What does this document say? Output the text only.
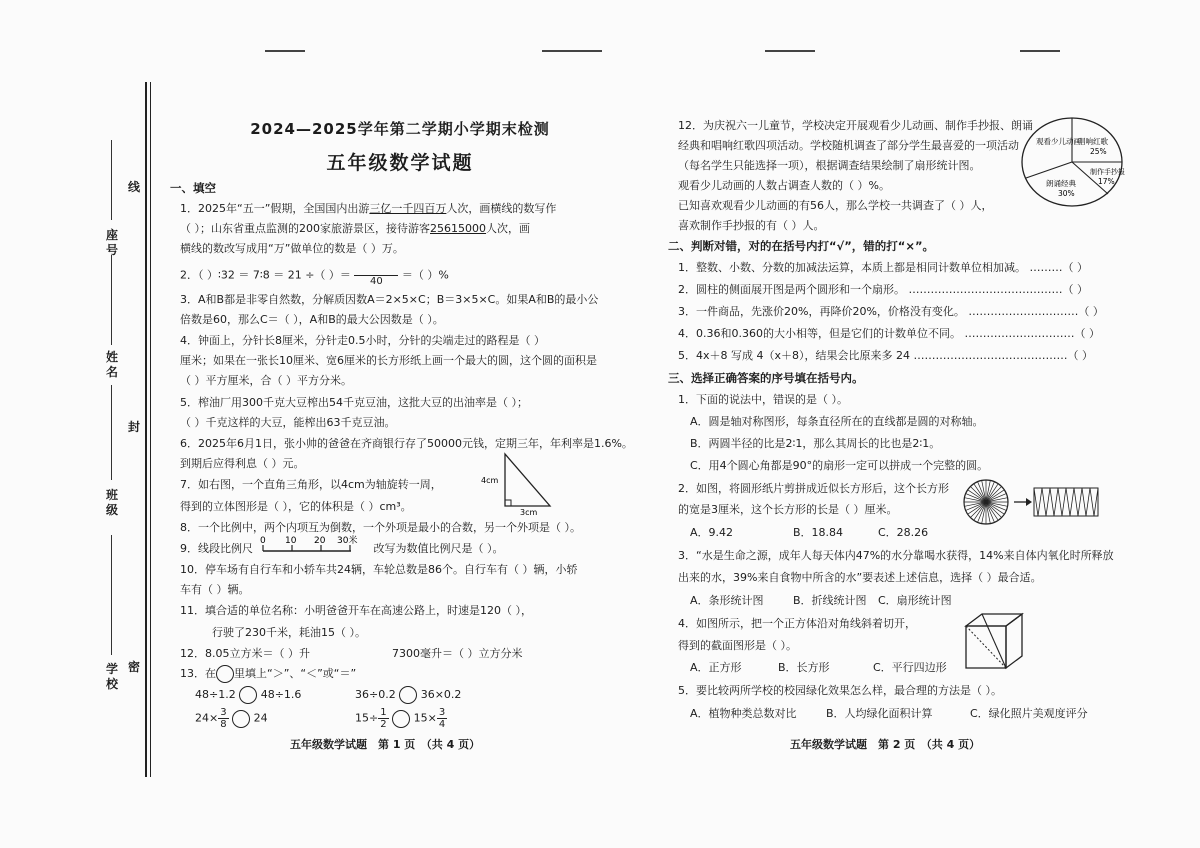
学校
班级
姓名
座号
密
封
线
2024—2025学年第二学期小学期末检测
五年级数学试题
一、填空
1．2025年“五一”假期，全国国内出游三亿一千四百万人次，画横线的数写作
（ ）；山东省重点监测的200家旅游景区，接待游客25615000人次，画
横线的数改写成用“万”做单位的数是（ ）万。
2．（ ）∶32 ＝ 7∶8 ＝ 21 ÷（ ）＝
	40	＝（ ）%
3．A和B都是非零自然数，分解质因数A＝2×5×C；B＝3×5×C。如果A和B的最小公
倍数是60，那么C＝（ ），A和B的最大公因数是（ ）。
4．钟面上，分针长8厘米，分针走0.5小时，分针的尖端走过的路程是（ ）
厘米；如果在一张长10厘米、宽6厘米的长方形纸上画一个最大的圆，这个圆的面积是
（ ）平方厘米，合（ ）平方分米。
5．榨油厂用300千克大豆榨出54千克豆油，这批大豆的出油率是（ ）；
（ ）千克这样的大豆，能榨出63千克豆油。
6．2025年6月1日，张小帅的爸爸在齐商银行存了50000元钱，定期三年，年利率是1.6%。
到期后应得利息（ ）元。
7．如右图，一个直角三角形，以4cm为轴旋转一周，
得到的立体图形是（ ），它的体积是（ ）cm³。
4cm
3cm
8．一个比例中，两个内项互为倒数，一个外项是最小的合数，另一个外项是（ ）。
9．线段比例尺	改写为数值比例尺是（ ）。
0 10 20 30米
10．停车场有自行车和小轿车共24辆，车轮总数是86个。自行车有（ ）辆，小轿
车有（ ）辆。
11．填合适的单位名称：小明爸爸开车在高速公路上，时速是120（ ），
行驶了230千米，耗油15（ ）。
12．8.05立方米＝（ ）升	7300毫升＝（ ）立方分米
13．在 里填上“＞”、“＜”或“＝”
48÷1.2 48÷1.6	36÷0.2 36×0.2
$24\times \frac{3}{8} 24$	$15\div \frac{1}{2} 15\times \frac{3}{4}$
五年级数学试题　第 1 页　（共 4 页）
12．为庆祝六一儿童节，学校决定开展观看少儿动画、制作手抄报、朗诵
经典和唱响红歌四项活动。学校随机调查了部分学生最喜爱的一项活动
（每名学生只能选择一项），根据调查结果绘制了扇形统计图。
观看少儿动画的人数占调查人数的（ ）%。
已知喜欢观看少儿动画的有56人，那么学校一共调查了（ ）人，
喜欢制作手抄报的有（ ）人。
观看少儿动画
唱响红歌
25%
制作手抄报
17%
朗诵经典
30%
二、判断对错，对的在括号内打“√”，错的打“×”。
1．整数、小数、分数的加减法运算，本质上都是相同计数单位相加减。 ………（ ）
2．圆柱的侧面展开图是两个圆形和一个扇形。 ……………………………………（ ）
3．一件商品，先涨价20%，再降价20%，价格没有变化。 …………………………（ ）
4．0.36和0.360的大小相等，但是它们的计数单位不同。 …………………………（ ）
5．4x＋8 写成 4（x＋8），结果会比原来多 24 ……………………………………（ ）
三、选择正确答案的序号填在括号内。
1．下面的说法中，错误的是（ ）。
A．圆是轴对称图形，每条直径所在的直线都是圆的对称轴。
B．两圆半径的比是2∶1，那么其周长的比也是2∶1。
C．用4个圆心角都是90°的扇形一定可以拼成一个完整的圆。
2．如图，将圆形纸片剪拼成近似长方形后，这个长方形
的宽是3厘米，这个长方形的长是（ ）厘米。
A．9.42	B．18.84	C．28.26
3．“水是生命之源，成年人每天体内47%的水分靠喝水获得，14%来自体内氧化时所释放
出来的水，39%来自食物中所含的水”要表述上述信息，选择（ ）最合适。
A．条形统计图	B．折线统计图 C．扇形统计图
4．如图所示，把一个正方体沿对角线斜着切开，
得到的截面图形是（ ）。
A．正方形	B．长方形	C．平行四边形
5．要比较两所学校的校园绿化效果怎么样，最合理的方法是（ ）。
A．植物种类总数对比	B．人均绿化面积计算	C．绿化照片美观度评分
五年级数学试题　第 2 页　（共 4 页）
